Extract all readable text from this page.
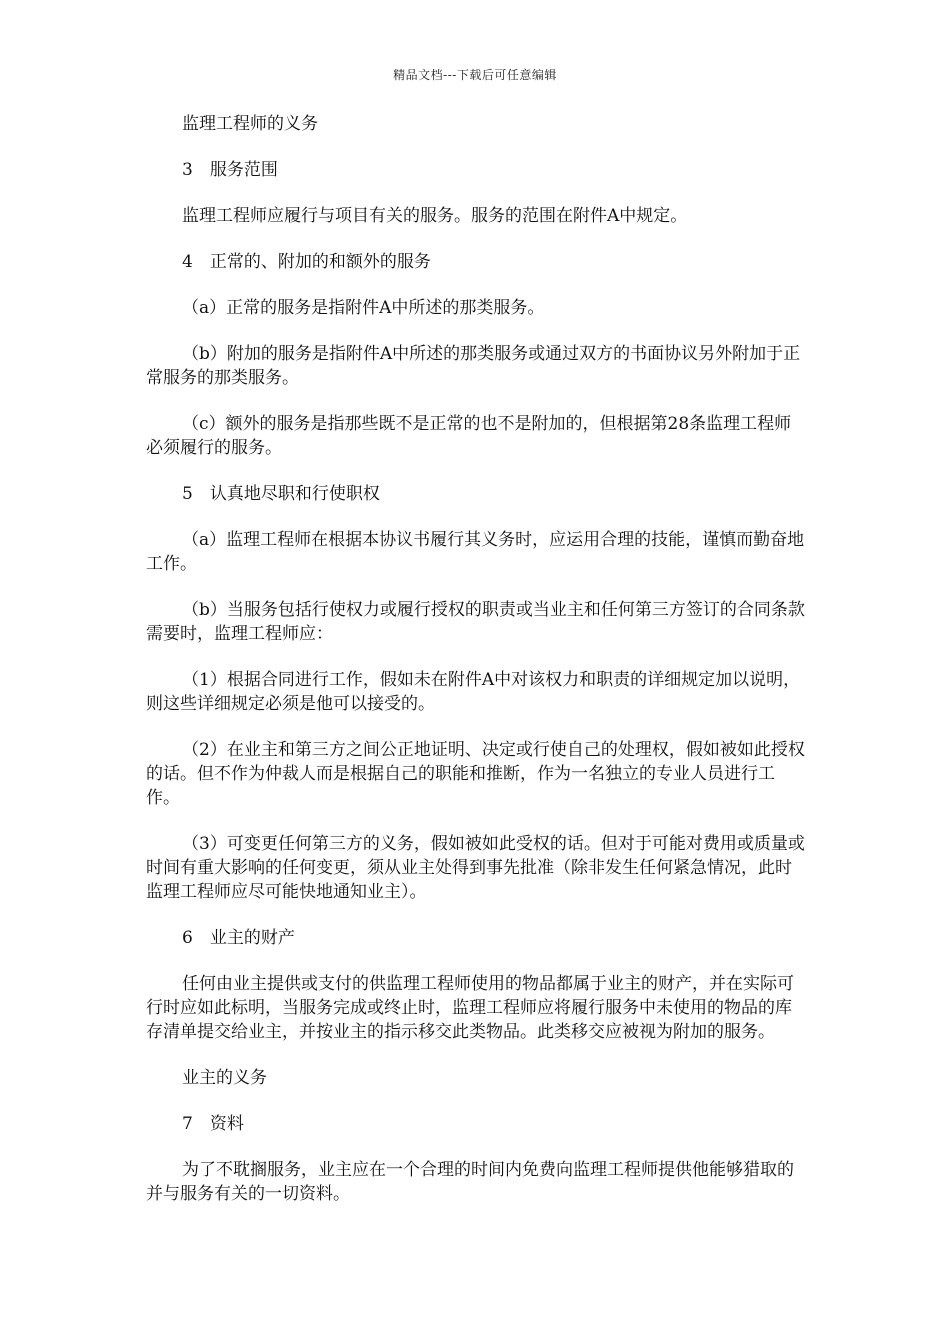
精品文档---下载后可任意编辑

监理工程师的义务

3　服务范围

监理工程师应履行与项目有关的服务。服务的范围在附件A中规定。

4　正常的、附加的和额外的服务

（a）正常的服务是指附件A中所述的那类服务。

（b）附加的服务是指附件A中所述的那类服务或通过双方的书面协议另外附加于正常服务的那类服务。

（c）额外的服务是指那些既不是正常的也不是附加的，但根据第28条监理工程师必须履行的服务。

5　认真地尽职和行使职权

（a）监理工程师在根据本协议书履行其义务时，应运用合理的技能，谨慎而勤奋地工作。

（b）当服务包括行使权力或履行授权的职责或当业主和任何第三方签订的合同条款需要时，监理工程师应：

（1）根据合同进行工作，假如未在附件A中对该权力和职责的详细规定加以说明，则这些详细规定必须是他可以接受的。

（2）在业主和第三方之间公正地证明、决定或行使自己的处理权，假如被如此授权的话。但不作为仲裁人而是根据自己的职能和推断，作为一名独立的专业人员进行工作。

（3）可变更任何第三方的义务，假如被如此受权的话。但对于可能对费用或质量或时间有重大影响的任何变更，须从业主处得到事先批准（除非发生任何紧急情况，此时监理工程师应尽可能快地通知业主）。

6　业主的财产

任何由业主提供或支付的供监理工程师使用的物品都属于业主的财产，并在实际可行时应如此标明，当服务完成或终止时，监理工程师应将履行服务中未使用的物品的库存清单提交给业主，并按业主的指示移交此类物品。此类移交应被视为附加的服务。

业主的义务

7　资料

为了不耽搁服务，业主应在一个合理的时间内免费向监理工程师提供他能够猎取的并与服务有关的一切资料。
